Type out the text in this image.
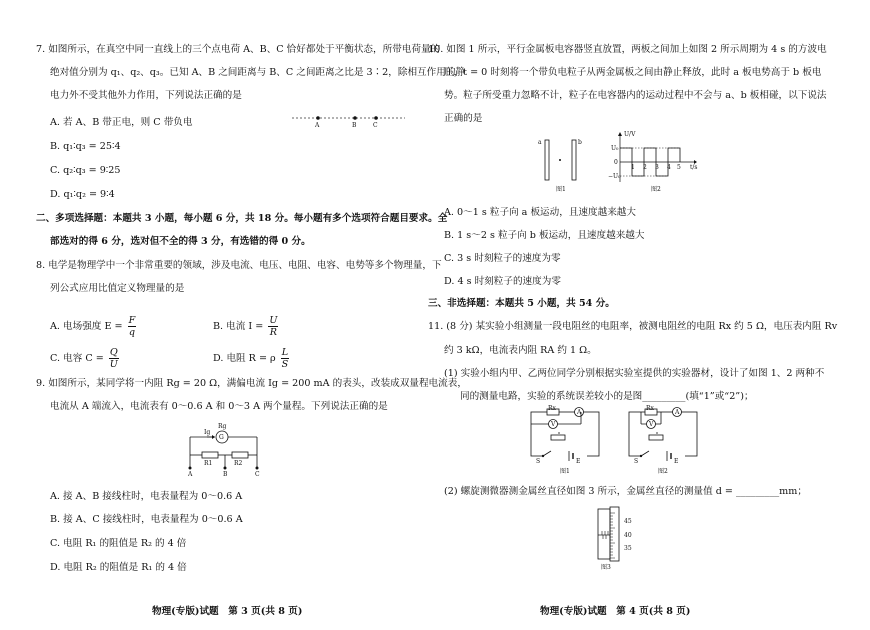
7. 如图所示，在真空中同一直线上的三个点电荷 A、B、C 恰好都处于平衡状态，所带电荷量的
绝对值分别为 q₁、q₂、q₃。已知 A、B 之间距离与 B、C 之间距离之比是 3∶2，除相互作用的静
电力外不受其他外力作用，下列说法正确的是
A	B	C
A. 若 A、B 带正电，则 C 带负电
B. q₁∶q₃ = 25∶4
C. q₂∶q₃ = 9∶25
D. q₁∶q₂ = 9∶4
二、多项选择题：本题共 3 小题，每小题 6 分，共 18 分。每小题有多个选项符合题目要求。全
部选对的得 6 分，选对但不全的得 3 分，有选错的得 0 分。
8. 电学是物理学中一个非常重要的领域，涉及电流、电压、电阻、电容、电势等多个物理量，下
列公式应用比值定义物理量的是
A. 电场强度 $E = \frac{F}{q}$	B. 电流 $I = \frac{U}{R}$
C. 电容 $C = \frac{Q}{U}$	D. 电阻 R = ρ $\frac{L}{S}$
9. 如图所示，某同学将一内阻 Rg = 20 Ω，满偏电流 Ig = 200 mA 的表头，改装成双量程电流表，
电流从 A 端流入，电流表有 0～0.6 A 和 0～3 A 两个量程。下列说法正确的是
G
Rg
Ig
R1	R2
A	B	C
A. 接 A、B 接线柱时，电表量程为 0～0.6 A
B. 接 A、C 接线柱时，电表量程为 0～0.6 A
C. 电阻 R₁ 的阻值是 R₂ 的 4 倍
D. 电阻 R₂ 的阻值是 R₁ 的 4 倍
物理(专版)试题　第 3 页(共 8 页)
10. 如图 1 所示，平行金属板电容器竖直放置，两板之间加上如图 2 所示周期为 4 s 的方波电
压，t = 0 时刻将一个带负电粒子从两金属板之间由静止释放，此时 a 板电势高于 b 板电
势。粒子所受重力忽略不计，粒子在电容器内的运动过程中不会与 a、b 板相碰，以下说法
正确的是
a	b
图1
U/V
U₀
0
−U₀
1 2 3 4 5 t/s
图2
A. 0～1 s 粒子向 a 板运动，且速度越来越大
B. 1 s～2 s 粒子向 b 板运动，且速度越来越大
C. 3 s 时刻粒子的速度为零
D. 4 s 时刻粒子的速度为零
三、非选择题：本题共 5 小题，共 54 分。
11. (8 分) 某实验小组测量一段电阻丝的电阻率，被测电阻丝的电阻 Rx 约 5 Ω，电压表内阻 Rv
约 3 kΩ，电流表内阻 RA 约 1 Ω。
(1) 实验小组内甲、乙两位同学分别根据实验室提供的实验器材，设计了如图 1、2 两种不
同的测量电路，实验的系统误差较小的是图_________(填“1”或“2”)；
Rx
A
V
S	E
图1
Rx
A
V
S	E
图2
(2) 螺旋测微器测金属丝直径如图 3 所示，金属丝直径的测量值 d = _________mm；
45
40
35
图3
物理(专版)试题　第 4 页(共 8 页)
